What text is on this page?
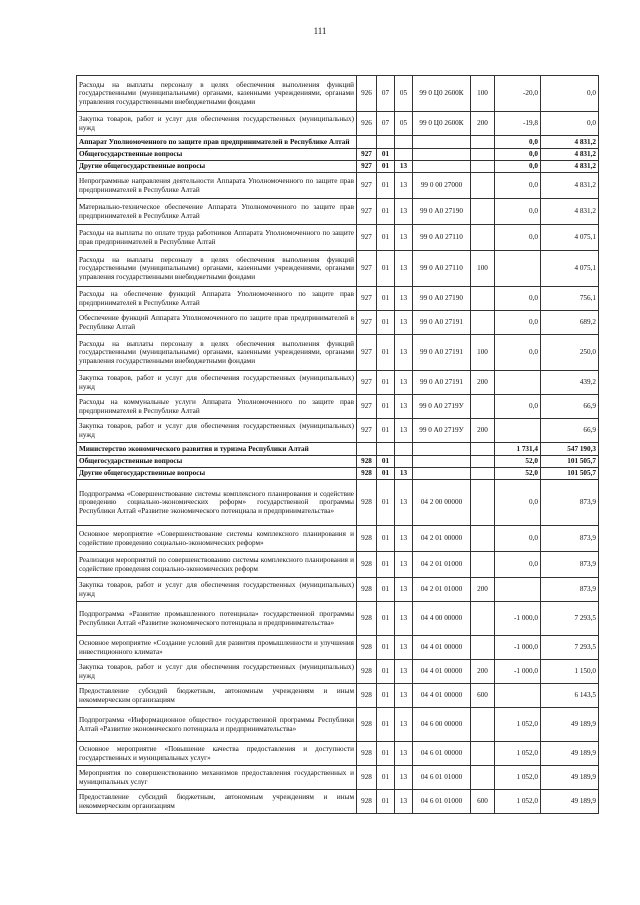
111
Расходы на выплаты персоналу в целях обеспечения выполнения функций государственными (муниципальными) органами, казенными учреждениями, органами управления государственными внебюджетными фондами	926	07	05	99 0 Ц0 2600К	100	-20,0	0,0
Закупка товаров, работ и услуг для обеспечения государственных (муниципальных) нужд	926	07	05	99 0 Ц0 2600К	200	-19,8	0,0
Аппарат Уполномоченного по защите прав предпринимателей в Республике Алтай						0,0	4 831,2
Общегосударственные вопросы	927	01				0,0	4 831,2
Другие общегосударственные вопросы	927	01	13			0,0	4 831,2
Непрограммные направления деятельности Аппарата Уполномоченного по защите прав предпринимателей в Республике Алтай	927	01	13	99 0 00 27000		0,0	4 831,2
Материально-техническое обеспечение Аппарата Уполномоченного по защите прав предпринимателей в Республике Алтай	927	01	13	99 0 А0 27190		0,0	4 831,2
Расходы на выплаты по оплате труда работников Аппарата Уполномоченного по защите прав предпринимателей в Республике Алтай	927	01	13	99 0 А0 27110		0,0	4 075,1
Расходы на выплаты персоналу в целях обеспечения выполнения функций государственными (муниципальными) органами, казенными учреждениями, органами управления государственными внебюджетными фондами	927	01	13	99 0 А0 27110	100		4 075,1
Расходы на обеспечение функций Аппарата Уполномоченного по защите прав предпринимателей в Республике Алтай	927	01	13	99 0 А0 27190		0,0	756,1
Обеспечение функций Аппарата Уполномоченного по защите прав предпринимателей в Республике Алтай	927	01	13	99 0 А0 27191		0,0	689,2
Расходы на выплаты персоналу в целях обеспечения выполнения функций государственными (муниципальными) органами, казенными учреждениями, органами управления государственными внебюджетными фондами	927	01	13	99 0 А0 27191	100	0,0	250,0
Закупка товаров, работ и услуг для обеспечения государственных (муниципальных) нужд	927	01	13	99 0 А0 27191	200		439,2
Расходы на коммунальные услуги Аппарата Уполномоченного по защите прав предпринимателей в Республике Алтай	927	01	13	99 0 А0 2719У		0,0	66,9
Закупка товаров, работ и услуг для обеспечения государственных (муниципальных) нужд	927	01	13	99 0 А0 2719У	200		66,9
Министерство экономического развития и туризма Республики Алтай						1 731,4	547 190,3
Общегосударственные вопросы	928	01				52,0	101 505,7
Другие общегосударственные вопросы	928	01	13			52,0	101 505,7
Подпрограмма «Совершенствование системы комплексного планирования и содействие проведению социально-экономических реформ» государственной программы Республики Алтай «Развитие экономического потенциала и предпринимательства»	928	01	13	04 2 00 00000		0,0	873,9
Основное мероприятие «Совершенствование системы комплексного планирования и содействие проведению социально-экономических реформ»	928	01	13	04 2 01 00000		0,0	873,9
Реализация мероприятий по совершенствованию системы комплексного планирования и содействие проведения социально-экономических реформ	928	01	13	04 2 01 01000		0,0	873,9
Закупка товаров, работ и услуг для обеспечения государственных (муниципальных) нужд	928	01	13	04 2 01 01000	200		873,9
Подпрограмма «Развитие промышленного потенциала» государственной программы Республики Алтай «Развитие экономического потенциала и предпринимательства»	928	01	13	04 4 00 00000		-1 000,0	7 293,5
Основное мероприятие «Создание условий для развития промышленности и улучшения инвестиционного климата»	928	01	13	04 4 01 00000		-1 000,0	7 293,5
Закупка товаров, работ и услуг для обеспечения государственных (муниципальных) нужд	928	01	13	04 4 01 00000	200	-1 000,0	1 150,0
Предоставление субсидий бюджетным, автономным учреждениям и иным некоммерческим организациям	928	01	13	04 4 01 00000	600		6 143,5
Подпрограмма «Информационное общество» государственной программы Республики Алтай «Развитие экономического потенциала и предпринимательства»	928	01	13	04 6 00 00000		1 052,0	49 189,9
Основное мероприятие «Повышение качества предоставления и доступности государственных и муниципальных услуг»	928	01	13	04 6 01 00000		1 052,0	49 189,9
Мероприятия по совершенствованию механизмов предоставления государственных и муниципальных услуг	928	01	13	04 6 01 01000		1 052,0	49 189,9
Предоставление субсидий бюджетным, автономным учреждениям и иным некоммерческим организациям	928	01	13	04 6 01 01000	600	1 052,0	49 189,9
